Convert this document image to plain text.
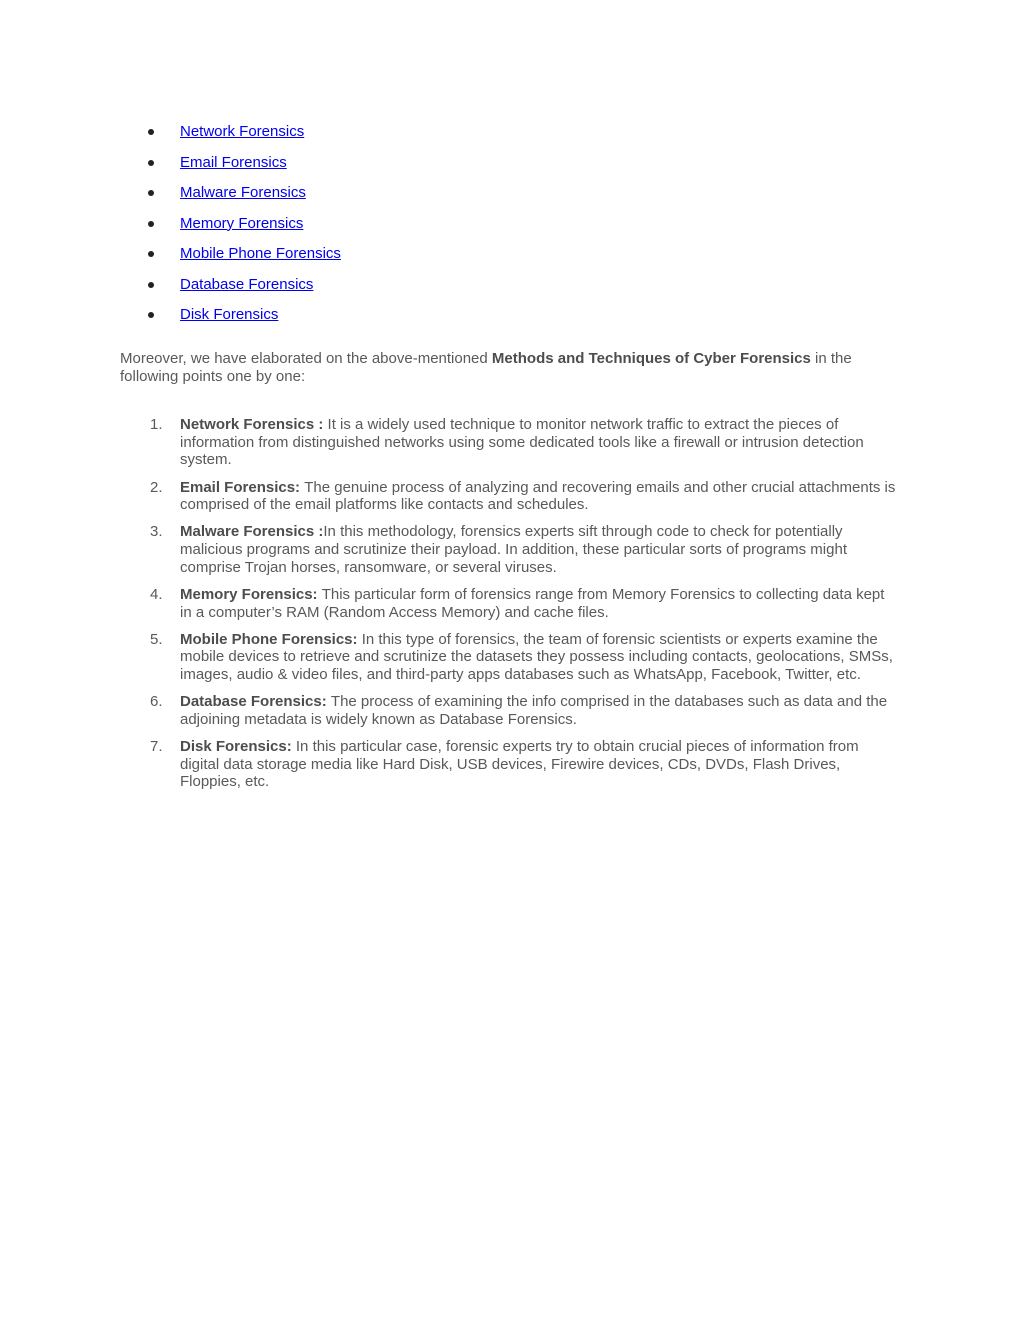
Network Forensics
Email Forensics
Malware Forensics
Memory Forensics
Mobile Phone Forensics
Database Forensics
Disk Forensics

Moreover, we have elaborated on the above-mentioned Methods and Techniques of Cyber Forensics in the following points one by one:

1. Network Forensics : It is a widely used technique to monitor network traffic to extract the pieces of information from distinguished networks using some dedicated tools like a firewall or intrusion detection system.
2. Email Forensics: The genuine process of analyzing and recovering emails and other crucial attachments is comprised of the email platforms like contacts and schedules.
3. Malware Forensics :In this methodology, forensics experts sift through code to check for potentially malicious programs and scrutinize their payload. In addition, these particular sorts of programs might comprise Trojan horses, ransomware, or several viruses.
4. Memory Forensics: This particular form of forensics range from Memory Forensics to collecting data kept in a computer’s RAM (Random Access Memory) and cache files.
5. Mobile Phone Forensics: In this type of forensics, the team of forensic scientists or experts examine the mobile devices to retrieve and scrutinize the datasets they possess including contacts, geolocations, SMSs, images, audio & video files, and third-party apps databases such as WhatsApp, Facebook, Twitter, etc.
6. Database Forensics: The process of examining the info comprised in the databases such as data and the adjoining metadata is widely known as Database Forensics.
7. Disk Forensics: In this particular case, forensic experts try to obtain crucial pieces of information from digital data storage media like Hard Disk, USB devices, Firewire devices, CDs, DVDs, Flash Drives, Floppies, etc.
